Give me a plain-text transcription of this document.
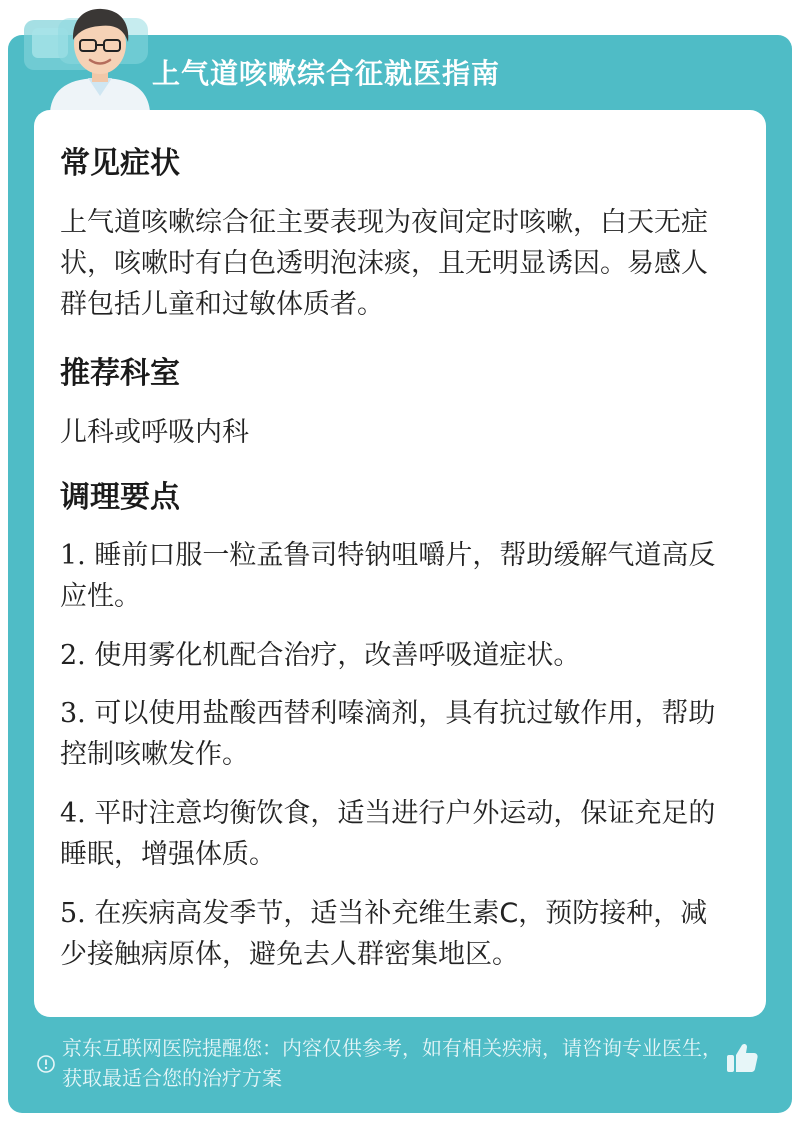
上气道咳嗽综合征就医指南
常见症状

上气道咳嗽综合征主要表现为夜间定时咳嗽，白天无症状，咳嗽时有白色透明泡沫痰，且无明显诱因。易感人群包括儿童和过敏体质者。

推荐科室

儿科或呼吸内科

调理要点

1. 睡前口服一粒孟鲁司特钠咀嚼片，帮助缓解气道高反应性。

2. 使用雾化机配合治疗，改善呼吸道症状。

3. 可以使用盐酸西替利嗪滴剂，具有抗过敏作用，帮助控制咳嗽发作。

4. 平时注意均衡饮食，适当进行户外运动，保证充足的睡眠，增强体质。

5. 在疾病高发季节，适当补充维生素C，预防接种，减少接触病原体，避免去人群密集地区。

京东互联网医院提醒您：内容仅供参考，如有相关疾病，请咨询专业医生，获取最适合您的治疗方案
